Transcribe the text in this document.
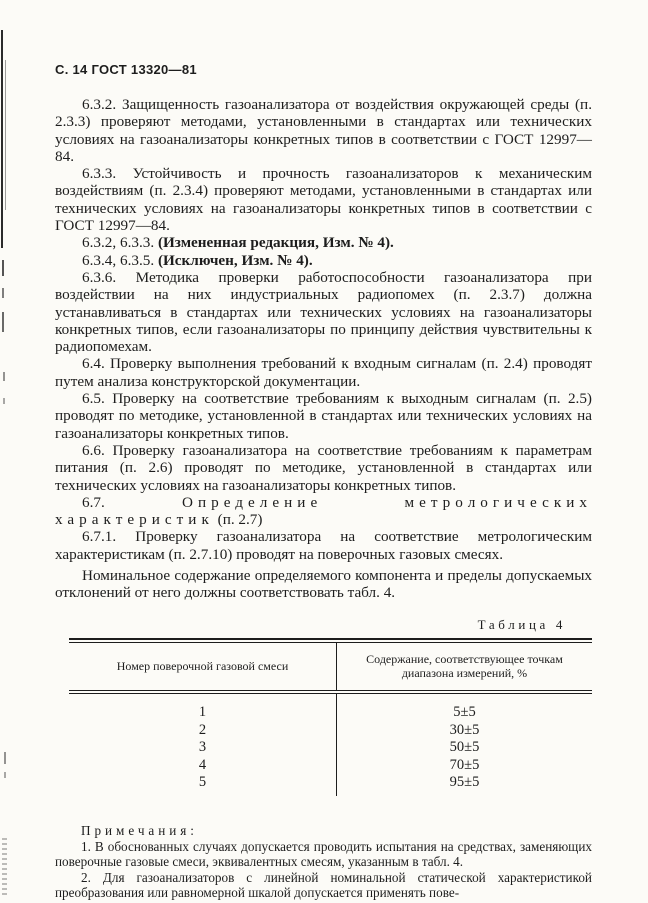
С. 14 ГОСТ 13320—81

6.3.2. Защищенность газоанализатора от воздействия окружающей среды (п. 2.3.3) проверяют методами, установленными в стандартах или технических условиях на газоанализаторы конкретных типов в соответствии с ГОСТ 12997—84.

6.3.3. Устойчивость и прочность газоанализаторов к механическим воздействиям (п. 2.3.4) проверяют методами, установленными в стандартах или технических условиях на газоанализаторы конкретных типов в соответствии с ГОСТ 12997—84.

6.3.2, 6.3.3. (Измененная редакция, Изм. № 4).

6.3.4, 6.3.5. (Исключен, Изм. № 4).

6.3.6. Методика проверки работоспособности газоанализатора при воздействии на них индустриальных радиопомех (п. 2.3.7) должна устанавливаться в стандартах или технических условиях на газоанализаторы конкретных типов, если газоанализаторы по принципу действия чувствительны к радиопомехам.

6.4. Проверку выполнения требований к входным сигналам (п. 2.4) проводят путем анализа конструкторской документации.

6.5. Проверку на соответствие требованиям к выходным сигналам (п. 2.5) проводят по методике, установленной в стандартах или технических условиях на газоанализаторы конкретных типов.

6.6. Проверку газоанализатора на соответствие требованиям к параметрам питания (п. 2.6) проводят по методике, установленной в стандартах или технических условиях на газоанализаторы конкретных типов.

6.7. Определение метрологических характеристик (п. 2.7)

6.7.1. Проверку газоанализатора на соответствие метрологическим характеристикам (п. 2.7.10) проводят на поверочных газовых смесях.

Номинальное содержание определяемого компонента и пределы допускаемых отклонений от него должны соответствовать табл. 4.

Таблица 4
Номер поверочной газовой смеси	Содержание, соответствующее точкам диапазона измерений, %
1	5±5
2	30±5
3	50±5
4	70±5
5	95±5

Примечания:

1. В обоснованных случаях допускается проводить испытания на средствах, заменяющих поверочные газовые смеси, эквивалентных смесям, указанным в табл. 4.

2. Для газоанализаторов с линейной номинальной статической характеристикой преобразования или равномерной шкалой допускается применять пове-
